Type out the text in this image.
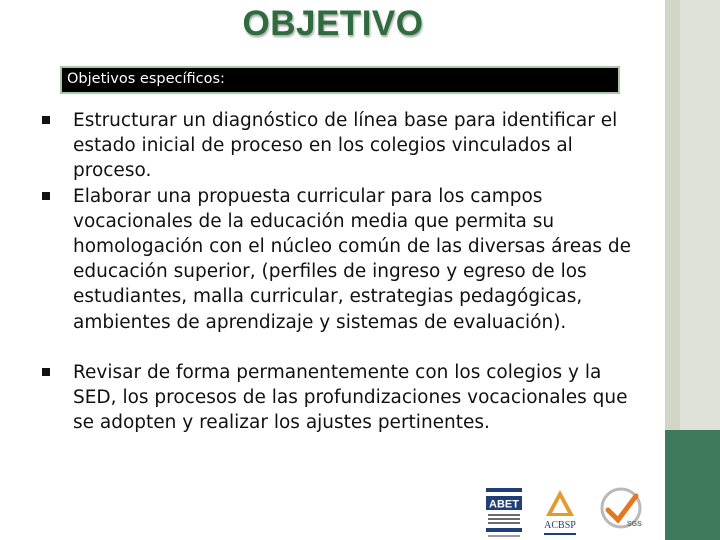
OBJETIVO
Objetivos específicos:

Estructurar un diagnóstico de línea base para identificar el estado inicial de proceso en los colegios vinculados al proceso.

Elaborar una propuesta curricular para los campos vocacionales de la educación media que permita su homologación con el núcleo común de las diversas áreas de educación superior, (perfiles de ingreso y egreso de los estudiantes, malla curricular, estrategias pedagógicas, ambientes de aprendizaje y sistemas de evaluación).

Revisar de forma permanentemente con los colegios y la SED, los procesos de las profundizaciones vocacionales que se adopten y realizar los ajustes pertinentes.

ABET
ACBSP	SGS
